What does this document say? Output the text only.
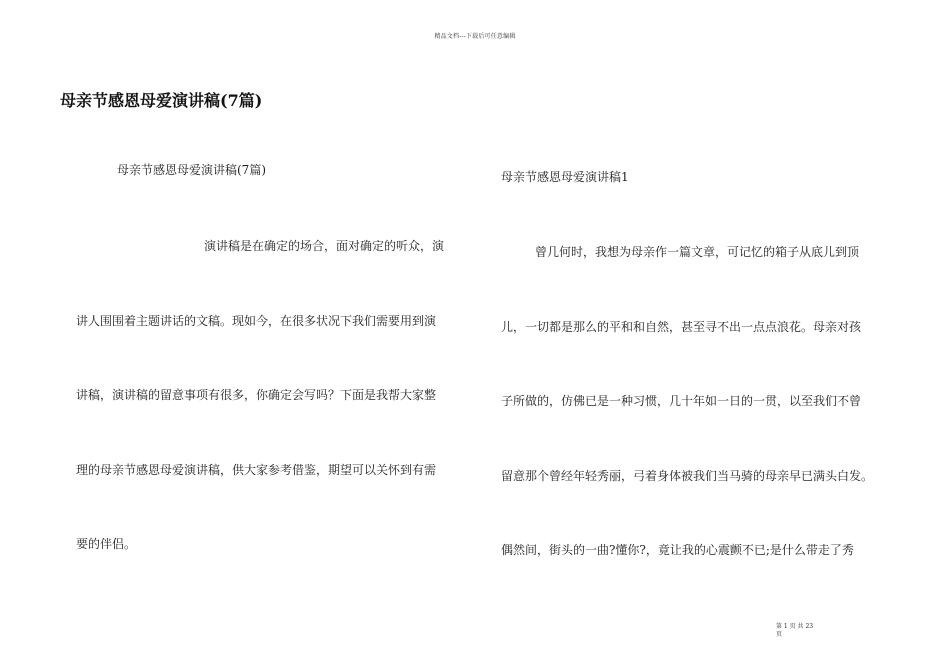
精品文档---下载后可任意编辑
母亲节感恩母爱演讲稿(7篇)
母亲节感恩母爱演讲稿(7篇)
演讲稿是在确定的场合，面对确定的听众，演
讲人围围着主题讲话的文稿。现如今，在很多状况下我们需要用到演
讲稿，演讲稿的留意事项有很多，你确定会写吗？下面是我帮大家整
理的母亲节感恩母爱演讲稿，供大家参考借鉴，期望可以关怀到有需
要的伴侣。
母亲节感恩母爱演讲稿1
曾几何时，我想为母亲作一篇文章，可记忆的箱子从底儿到顶
儿，一切都是那么的平和和自然，甚至寻不出一点点浪花。母亲对孩
子所做的，仿佛已是一种习惯，几十年如一日的一贯，以至我们不曾
留意那个曾经年轻秀丽，弓着身体被我们当马骑的母亲早已满头白发。
偶然间，街头的一曲?懂你?，竟让我的心震颤不已;是什么带走了秀
第 1 页 共 23
页
